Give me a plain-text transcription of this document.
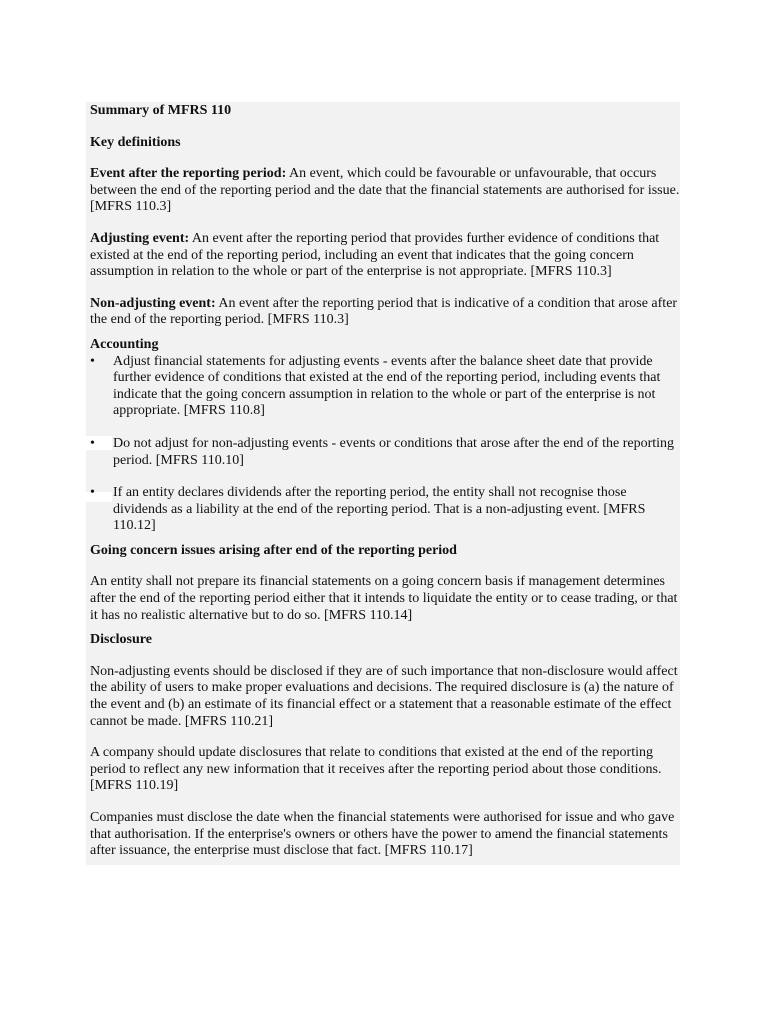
Summary of MFRS 110

Key definitions

Event after the reporting period: An event, which could be favourable or unfavourable, that occurs between the end of the reporting period and the date that the financial statements are authorised for issue. [MFRS 110.3]

Adjusting event: An event after the reporting period that provides further evidence of conditions that existed at the end of the reporting period, including an event that indicates that the going concern assumption in relation to the whole or part of the enterprise is not appropriate. [MFRS 110.3]

Non-adjusting event: An event after the reporting period that is indicative of a condition that arose after the end of the reporting period. [MFRS 110.3]

Accounting

• Adjust financial statements for adjusting events - events after the balance sheet date that provide further evidence of conditions that existed at the end of the reporting period, including events that indicate that the going concern assumption in relation to the whole or part of the enterprise is not appropriate. [MFRS 110.8]
• Do not adjust for non-adjusting events - events or conditions that arose after the end of the reporting period. [MFRS 110.10]
• If an entity declares dividends after the reporting period, the entity shall not recognise those dividends as a liability at the end of the reporting period. That is a non-adjusting event. [MFRS 110.12]

Going concern issues arising after end of the reporting period

An entity shall not prepare its financial statements on a going concern basis if management determines after the end of the reporting period either that it intends to liquidate the entity or to cease trading, or that it has no realistic alternative but to do so. [MFRS 110.14]

Disclosure

Non-adjusting events should be disclosed if they are of such importance that non-disclosure would affect the ability of users to make proper evaluations and decisions. The required disclosure is (a) the nature of the event and (b) an estimate of its financial effect or a statement that a reasonable estimate of the effect cannot be made. [MFRS 110.21]

A company should update disclosures that relate to conditions that existed at the end of the reporting period to reflect any new information that it receives after the reporting period about those conditions. [MFRS 110.19]

Companies must disclose the date when the financial statements were authorised for issue and who gave that authorisation. If the enterprise's owners or others have the power to amend the financial statements after issuance, the enterprise must disclose that fact. [MFRS 110.17]
